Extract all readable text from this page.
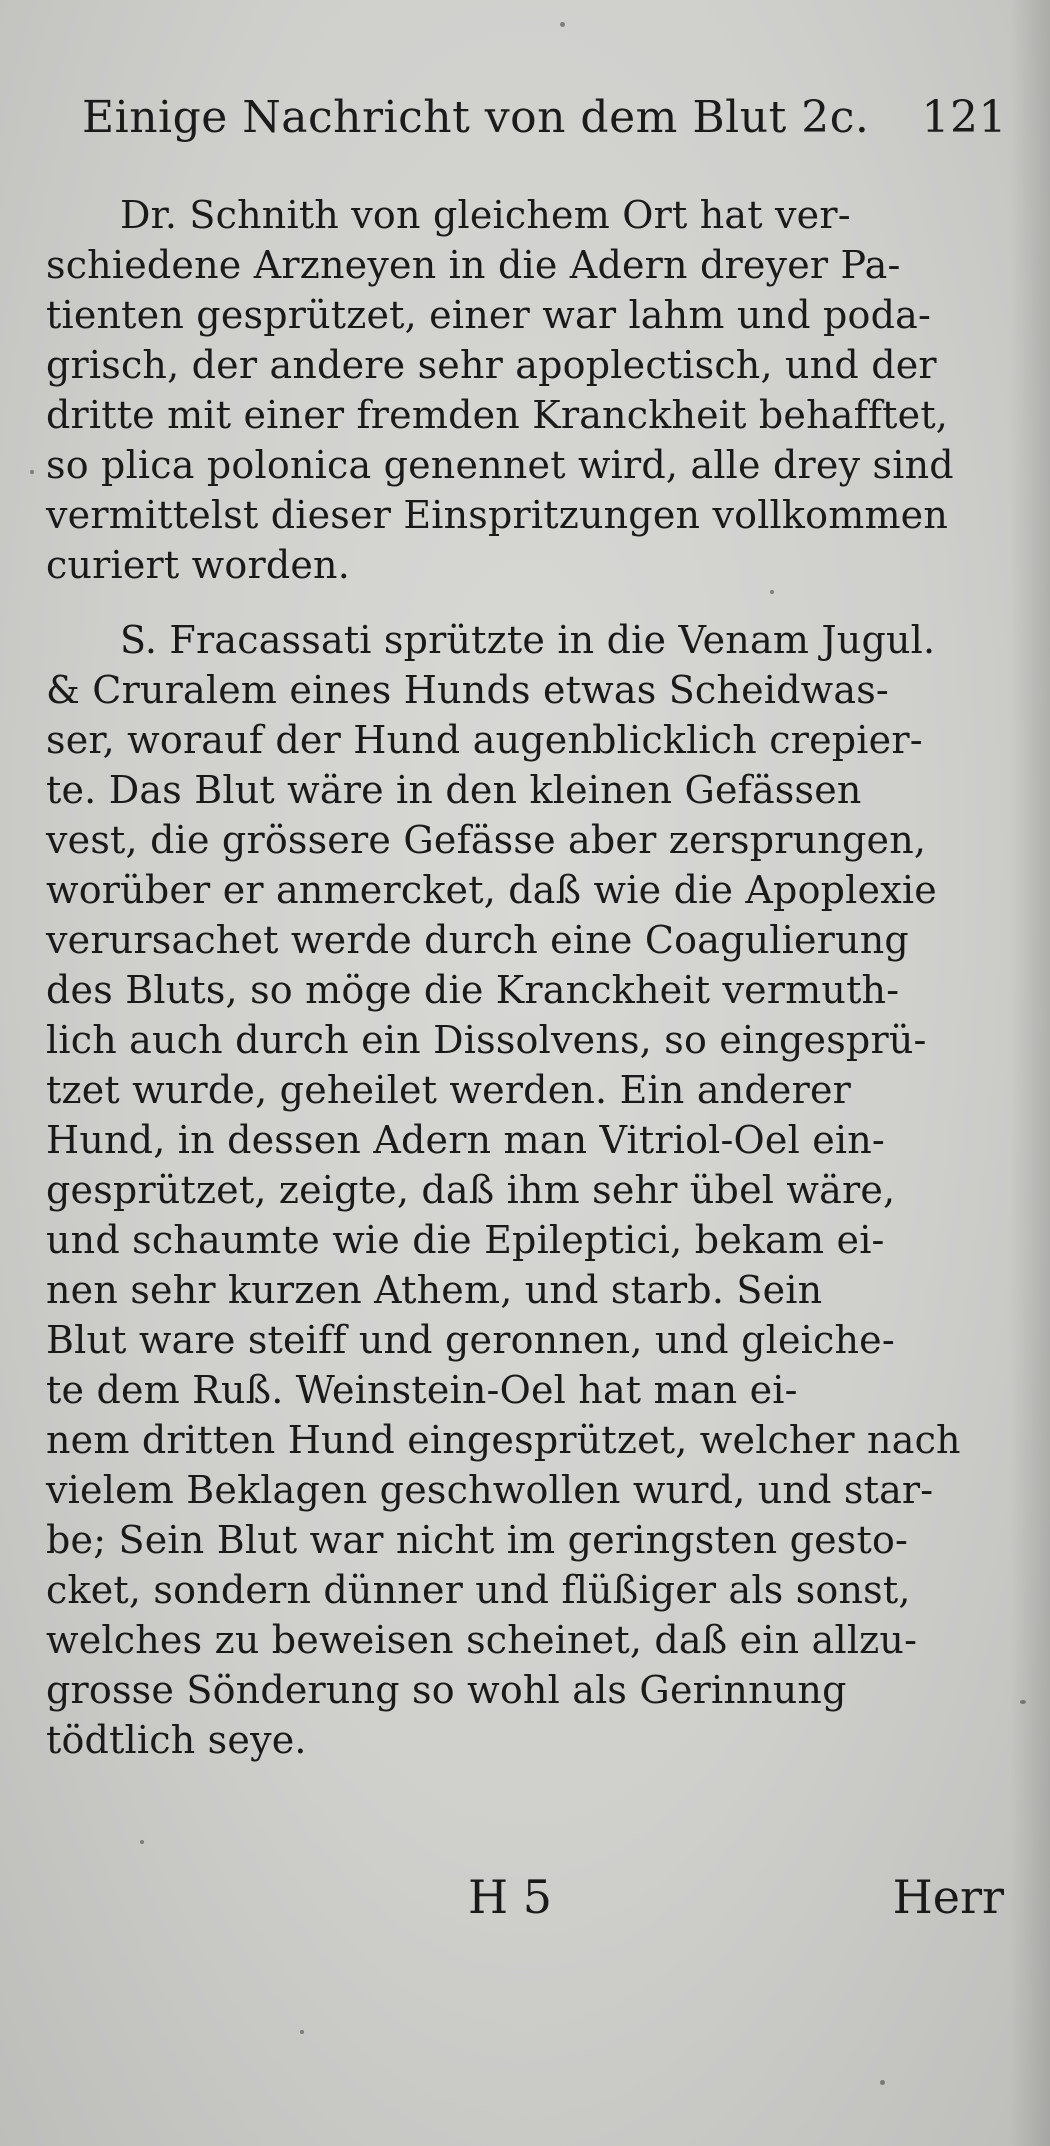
Einige Nachricht von dem Blut 2c. 121
Dr. Schnith von gleichem Ort hat ver-
schiedene Arzneyen in die Adern dreyer Pa-
tienten gesprützet, einer war lahm und poda-
grisch, der andere sehr apoplectisch, und der
dritte mit einer fremden Kranckheit behafftet,
so plica polonica genennet wird, alle drey sind
vermittelst dieser Einspritzungen vollkommen
curiert worden.
S. Fracassati sprützte in die Venam Jugul.
& Cruralem eines Hunds etwas Scheidwas-
ser, worauf der Hund augenblicklich crepier-
te. Das Blut wäre in den kleinen Gefässen
vest, die grössere Gefässe aber zersprungen,
worüber er anmercket, daß wie die Apoplexie
verursachet werde durch eine Coagulierung
des Bluts, so möge die Kranckheit vermuth-
lich auch durch ein Dissolvens, so eingesprü-
tzet wurde, geheilet werden. Ein anderer
Hund, in dessen Adern man Vitriol-Oel ein-
gesprützet, zeigte, daß ihm sehr übel wäre,
und schaumte wie die Epileptici, bekam ei-
nen sehr kurzen Athem, und starb. Sein
Blut ware steiff und geronnen, und gleiche-
te dem Ruß. Weinstein-Oel hat man ei-
nem dritten Hund eingesprützet, welcher nach
vielem Beklagen geschwollen wurd, und star-
be; Sein Blut war nicht im geringsten gesto-
cket, sondern dünner und flüßiger als sonst,
welches zu beweisen scheinet, daß ein allzu-
grosse Sönderung so wohl als Gerinnung
tödtlich seye.
H 5	Herr
